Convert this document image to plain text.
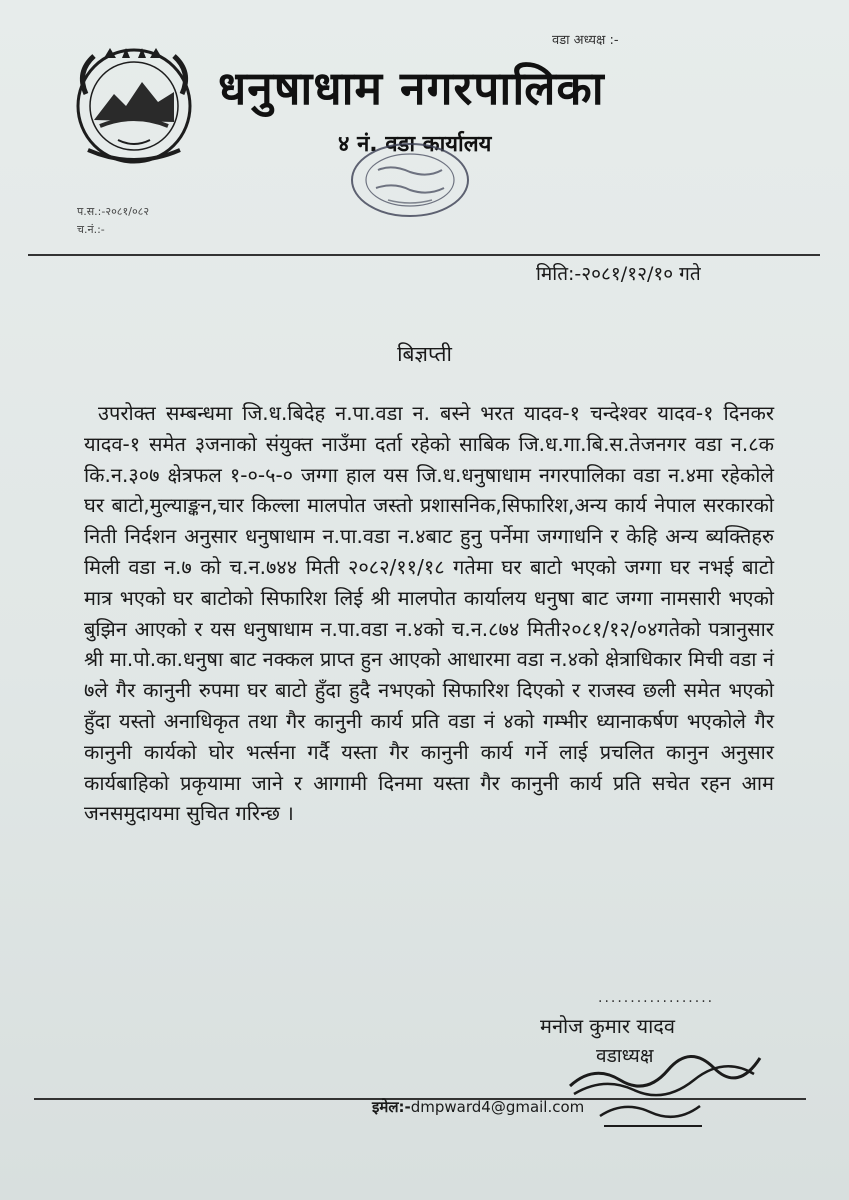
वडा अध्यक्ष :-
धनुषाधाम नगरपालिका
४ नं. वडा कार्यालय
प.स.:-२०८१/०८२
च.नं.:-
मिति:-२०८१/१२/१० गते
बिज्ञप्ती

उपरोक्त सम्बन्धमा जि.ध.बिदेह न.पा.वडा न. बस्ने भरत यादव-१ चन्देश्वर यादव-१ दिनकर यादव-१ समेत ३जनाको संयुक्त नाउँमा दर्ता रहेको साबिक जि.ध.गा.बि.स.तेजनगर वडा न.८क कि.न.३०७ क्षेत्रफल १-०-५-० जग्गा हाल यस जि.ध.धनुषाधाम नगरपालिका वडा न.४मा रहेकोले घर बाटो,मुल्याङ्कन,चार किल्ला मालपोत जस्तो प्रशासनिक,सिफारिश,अन्य कार्य नेपाल सरकारको निती निर्दशन अनुसार धनुषाधाम न.पा.वडा न.४बाट हुनु पर्नेमा जग्गाधनि र केहि अन्य ब्यक्तिहरु मिली वडा न.७ को च.न.७४४ मिती २०८२/११/१८ गतेमा घर बाटो भएको जग्गा घर नभई बाटो मात्र भएको घर बाटोको सिफारिश लिई श्री मालपोत कार्यालय धनुषा बाट जग्गा नामसारी भएको बुझिन आएको र यस धनुषाधाम न.पा.वडा न.४को च.न.८७४ मिती२०८१/१२/०४गतेको पत्रानुसार श्री मा.पो.का.धनुषा बाट नक्कल प्राप्त हुन आएको आधारमा वडा न.४को क्षेत्राधिकार मिची वडा नं ७ले गैर कानुनी रुपमा घर बाटो हुँदा हुदै नभएको सिफारिश दिएको र राजस्व छली समेत भएको हुँदा यस्तो अनाधिकृत तथा गैर कानुनी कार्य प्रति वडा नं ४को गम्भीर ध्यानाकर्षण भएकोले गैर कानुनी कार्यको घोर भर्त्सना गर्दै यस्ता गैर कानुनी कार्य गर्ने लाई प्रचलित कानुन अनुसार कार्यबाहिको प्रकृयामा जाने र आगामी दिनमा यस्ता गैर कानुनी कार्य प्रति सचेत रहन आम जनसमुदायमा सुचित गरिन्छ ।

..................
मनोज कुमार यादव
वडाध्यक्ष
इमेल:-dmpward4@gmail.com
